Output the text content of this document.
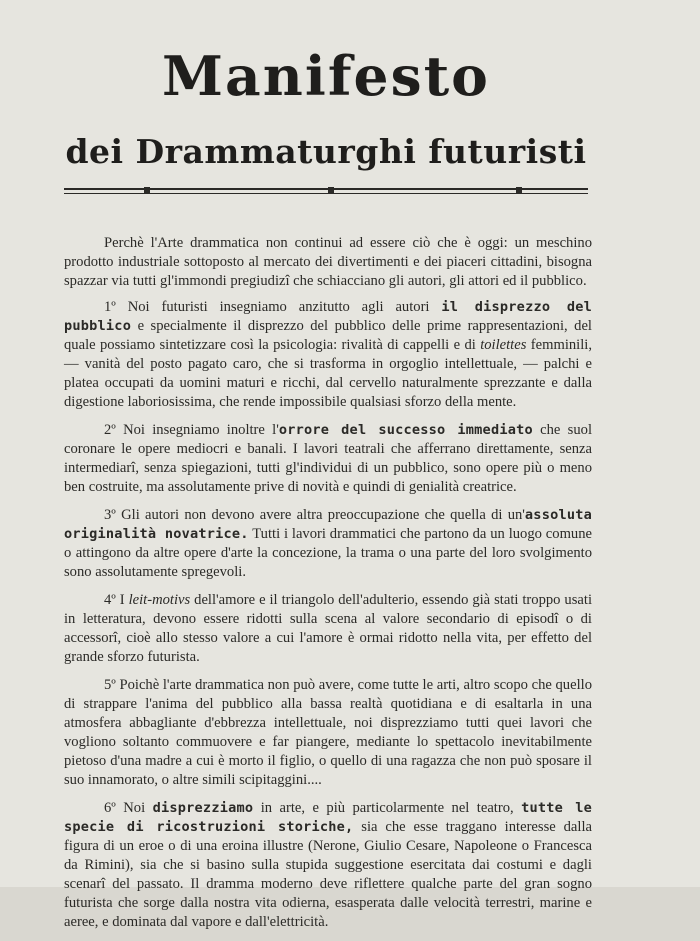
Manifesto
dei Drammaturghi futuristi

Perchè l'Arte drammatica non continui ad essere ciò che è oggi: un meschino prodotto industriale sottoposto al mercato dei divertimenti e dei piaceri cittadini, bisogna spazzar via tutti gl'immondi pregiudizî che schiacciano gli autori, gli attori ed il pubblico.

1º Noi futuristi insegniamo anzitutto agli autori il disprezzo del pubblico e specialmente il disprezzo del pubblico delle prime rappresentazioni, del quale possiamo sintetizzare così la psicologia: rivalità di cappelli e di toilettes femminili, — vanità del posto pagato caro, che si trasforma in orgoglio intellettuale, — palchi e platea occupati da uomini maturi e ricchi, dal cervello naturalmente sprezzante e dalla digestione laboriosissima, che rende impossibile qualsiasi sforzo della mente.

2º Noi insegniamo inoltre l'orrore del successo immediato che suol coronare le opere mediocri e banali. I lavori teatrali che afferrano direttamente, senza intermediarî, senza spiegazioni, tutti gl'individui di un pubblico, sono opere più o meno ben costruite, ma assolutamente prive di novità e quindi di genialità creatrice.

3º Gli autori non devono avere altra preoccupazione che quella di un'assoluta originalità novatrice. Tutti i lavori drammatici che partono da un luogo comune o attingono da altre opere d'arte la concezione, la trama o una parte del loro svolgimento sono assolutamente spregevoli.

4º I leit-motivs dell'amore e il triangolo dell'adulterio, essendo già stati troppo usati in letteratura, devono essere ridotti sulla scena al valore secondario di episodî o di accessorî, cioè allo stesso valore a cui l'amore è ormai ridotto nella vita, per effetto del grande sforzo futurista.

5º Poichè l'arte drammatica non può avere, come tutte le arti, altro scopo che quello di strappare l'anima del pubblico alla bassa realtà quotidiana e di esaltarla in una atmosfera abbagliante d'ebbrezza intellettuale, noi disprezziamo tutti quei lavori che vogliono soltanto commuovere e far piangere, mediante lo spettacolo inevitabilmente pietoso d'una madre a cui è morto il figlio, o quello di una ragazza che non può sposare il suo innamorato, o altre simili scipitaggini....

6º Noi disprezziamo in arte, e più particolarmente nel teatro, tutte le specie di ricostruzioni storiche, sia che esse traggano interesse dalla figura di un eroe o di una eroina illustre (Nerone, Giulio Cesare, Napoleone o Francesca da Rimini), sia che si basino sulla stupida suggestione esercitata dai costumi e dagli scenarî del passato. Il dramma moderno deve riflettere qualche parte del gran sogno futurista che sorge dalla nostra vita odierna, esasperata dalle velocità terrestri, marine e aeree, e dominata dal vapore e dall'elettricità.
